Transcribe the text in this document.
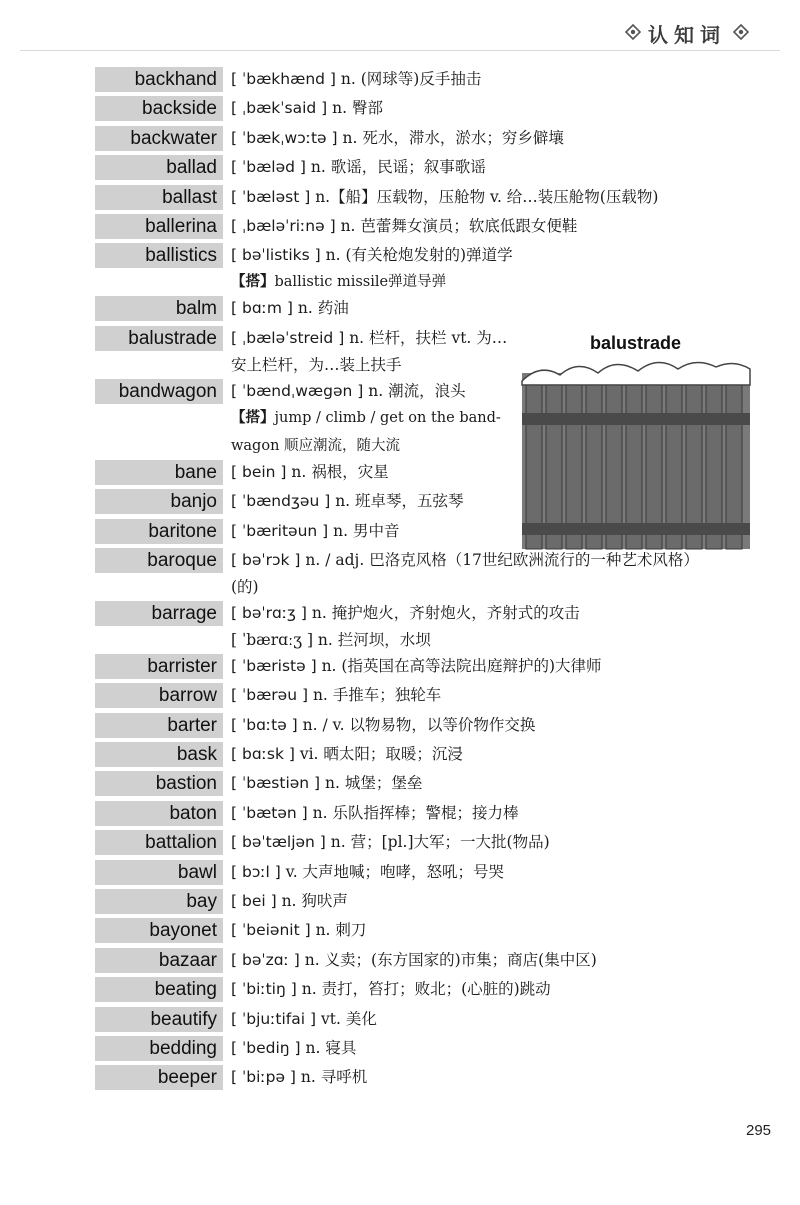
认知词
backhand [ ˈbækhænd ] n. (网球等)反手抽击
backside [ ˌbækˈsaid ] n. 臀部
backwater [ ˈbækˌwɔːtə ] n. 死水，滞水，淤水；穷乡僻壤
ballad [ ˈbæləd ] n. 歌谣，民谣；叙事歌谣
ballast [ ˈbæləst ] n.【船】压载物，压舱物 v. 给…装压舱物(压载物)
ballerina [ ˌbæləˈriːnə ] n. 芭蕾舞女演员；软底低跟女便鞋
ballistics [ bəˈlistiks ] n. (有关枪炮发射的)弹道学
【搭】ballistic missile弹道导弹
balm [ bɑːm ] n. 药油
balustrade [ ˌbæləˈstreid ] n. 栏杆，扶栏 vt. 为…
安上栏杆，为…装上扶手
bandwagon [ ˈbændˌwægən ] n. 潮流，浪头
【搭】jump / climb / get on the band-
wagon 顺应潮流，随大流
bane [ bein ] n. 祸根，灾星
banjo [ ˈbændʒəu ] n. 班卓琴，五弦琴
baritone [ ˈbæritəun ] n. 男中音
baroque [ bəˈrɔk ] n. / adj. 巴洛克风格（17世纪欧洲流行的一种艺术风格）
(的)
barrage [ bəˈrɑːʒ ] n. 掩护炮火，齐射炮火，齐射式的攻击
[ ˈbærɑːʒ ] n. 拦河坝，水坝
barrister [ ˈbæristə ] n. (指英国在高等法院出庭辩护的)大律师
barrow [ ˈbærəu ] n. 手推车；独轮车
barter [ ˈbɑːtə ] n. / v. 以物易物，以等价物作交换
bask [ bɑːsk ] vi. 晒太阳；取暖；沉浸
bastion [ ˈbæstiən ] n. 城堡；堡垒
baton [ ˈbætən ] n. 乐队指挥棒；警棍；接力棒
battalion [ bəˈtæljən ] n. 营；[pl.]大军；一大批(物品)
bawl [ bɔːl ] v. 大声地喊；咆哮，怒吼；号哭
bay [ bei ] n. 狗吠声
bayonet [ ˈbeiənit ] n. 刺刀
bazaar [ bəˈzɑː ] n. 义卖；(东方国家的)市集；商店(集中区)
beating [ ˈbiːtiŋ ] n. 责打，笞打；败北；(心脏的)跳动
beautify [ ˈbjuːtifai ] vt. 美化
bedding [ ˈbediŋ ] n. 寝具
beeper [ ˈbiːpə ] n. 寻呼机
balustrade
295
